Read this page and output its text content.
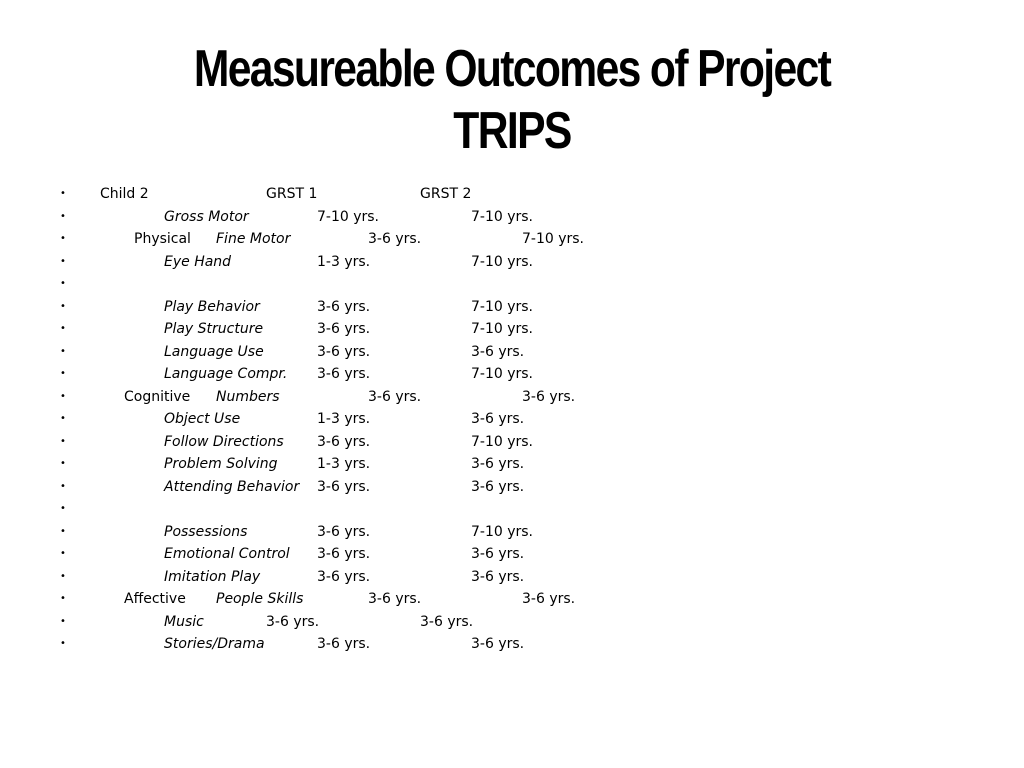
Measureable Outcomes of Project
TRIPS
• Child 2	GRST 1	GRST 2
•	Gross Motor	7-10 yrs.	7-10 yrs.
•	Physical Fine Motor	3-6 yrs.	7-10 yrs.
•	Eye Hand	1-3 yrs.	7-10 yrs.
•
•	Play Behavior	3-6 yrs.	7-10 yrs.
•	Play Structure	3-6 yrs.	7-10 yrs.
•	Language Use	3-6 yrs.	3-6 yrs.
•	Language Compr. 3-6 yrs.	7-10 yrs.
•	Cognitive Numbers	3-6 yrs.	3-6 yrs.
•	Object Use	1-3 yrs.	3-6 yrs.
•	Follow Directions 3-6 yrs.	7-10 yrs.
•	Problem Solving	1-3 yrs.	3-6 yrs.
•	Attending Behavior 3-6 yrs.	3-6 yrs.
•
•	Possessions	3-6 yrs.	7-10 yrs.
•	Emotional Control 3-6 yrs.	3-6 yrs.
•	Imitation Play	3-6 yrs.	3-6 yrs.
•	Affective People Skills	3-6 yrs.	3-6 yrs.
•	Music	3-6 yrs.	3-6 yrs.
•	Stories/Drama	3-6 yrs.	3-6 yrs.
